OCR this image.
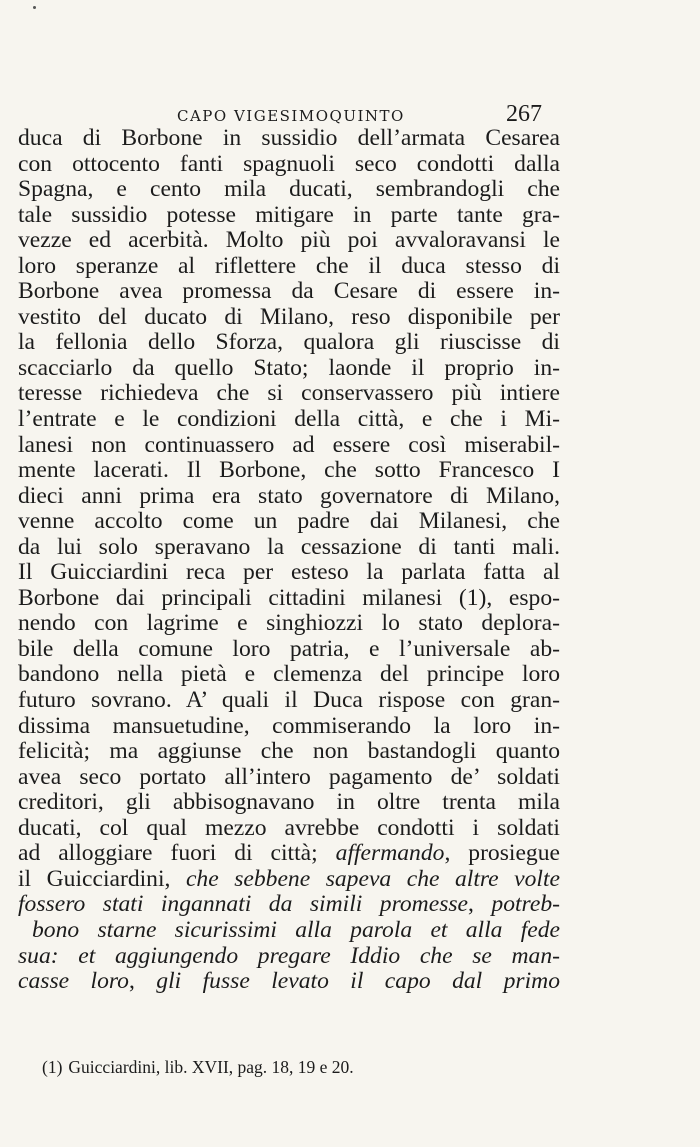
CAPO VIGESIMOQUINTO	267
duca di Borbone in sussidio dell’armata Cesarea
con ottocento fanti spagnuoli seco condotti dalla
Spagna, e cento mila ducati, sembrandogli che
tale sussidio potesse mitigare in parte tante gra-
vezze ed acerbità. Molto più poi avvaloravansi le
loro speranze al riflettere che il duca stesso di
Borbone avea promessa da Cesare di essere in-
vestito del ducato di Milano, reso disponibile per
la fellonia dello Sforza, qualora gli riuscisse di
scacciarlo da quello Stato; laonde il proprio in-
teresse richiedeva che si conservassero più intiere
l’entrate e le condizioni della città, e che i Mi-
lanesi non continuassero ad essere così miserabil-
mente lacerati. Il Borbone, che sotto Francesco I
dieci anni prima era stato governatore di Milano,
venne accolto come un padre dai Milanesi, che
da lui solo speravano la cessazione di tanti mali.
Il Guicciardini reca per esteso la parlata fatta al
Borbone dai principali cittadini milanesi (1), espo-
nendo con lagrime e singhiozzi lo stato deplora-
bile della comune loro patria, e l’universale ab-
bandono nella pietà e clemenza del principe loro
futuro sovrano. A’ quali il Duca rispose con gran-
dissima mansuetudine, commiserando la loro in-
felicità; ma aggiunse che non bastandogli quanto
avea seco portato all’intero pagamento de’ soldati
creditori, gli abbisognavano in oltre trenta mila
ducati, col qual mezzo avrebbe condotti i soldati
ad alloggiare fuori di città; affermando, prosiegue
il Guicciardini, che sebbene sapeva che altre volte
fossero stati ingannati da simili promesse, potreb-
bono starne sicurissimi alla parola et alla fede
sua: et aggiungendo pregare Iddio che se man-
casse loro, gli fusse levato il capo dal primo
(1) Guicciardini, lib. XVII, pag. 18, 19 e 20.
